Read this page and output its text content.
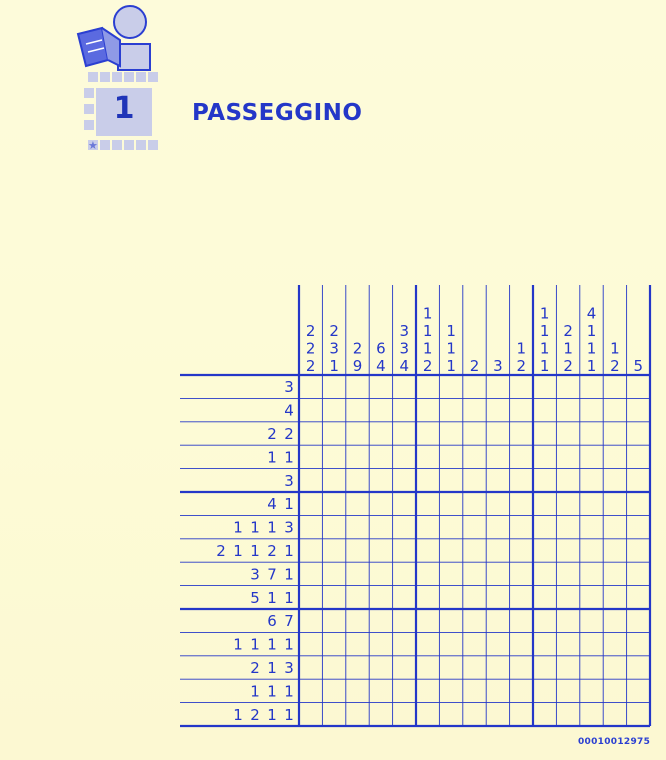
1	PASSEGGINO
★
2
2
2
2
3
1
2
9
6
4
3
3
4
1
1
1
2
1
1
1 2 3
1
2
1
1
1
1
2
1
2
4
1
1
1
1
2 5
3
4
2 2
1 1
3
4 1
1 1 1 3
2 1 1 2 1
3 7 1
5 1 1
6 7
1 1 1 1
2 1 3
1 1 1
1 2 1 1
00010012975
